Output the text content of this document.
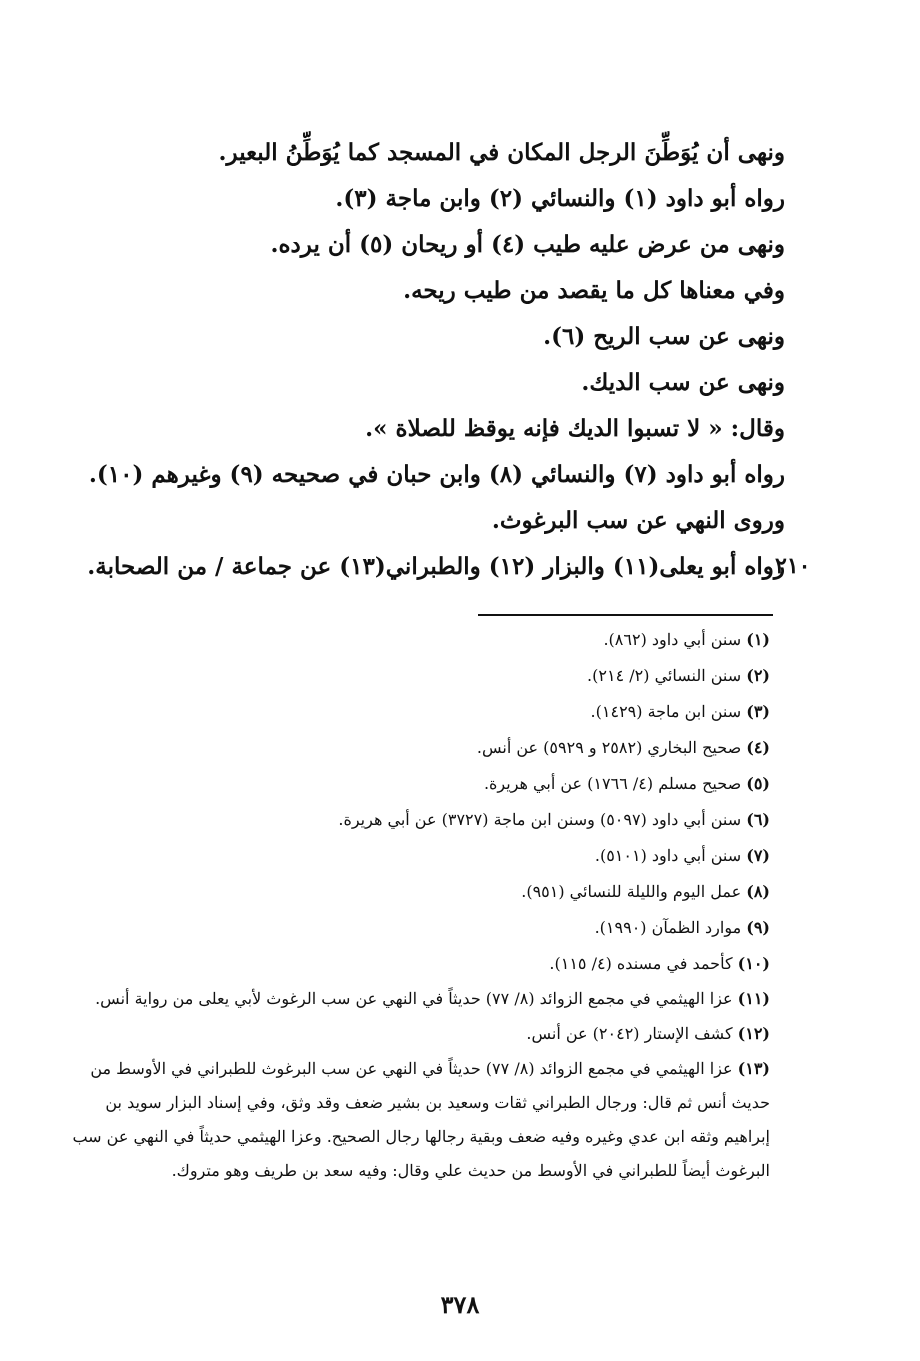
ونهى أن يُوَطِّنَ الرجل المكان في المسجد كما يُوَطِّنُ البعير.
رواه أبو داود (١) والنسائي (٢) وابن ماجة (٣).
ونهى من عرض عليه طيب (٤) أو ريحان (٥) أن يرده.
وفي معناها كل ما يقصد من طيب ريحه.
ونهى عن سب الريح (٦).
ونهى عن سب الديك.
وقال: « لا تسبوا الديك فإنه يوقظ للصلاة ».
رواه أبو داود (٧) والنسائي (٨) وابن حبان في صحيحه (٩) وغيرهم (١٠).
وروى النهي عن سب البرغوث.
رواه أبو يعلى(١١) والبزار (١٢) والطبراني(١٣) عن جماعة / من الصحابة.
٢١٠
(١) سنن أبي داود (٨٦٢).
(٢) سنن النسائي (٢/ ٢١٤).
(٣) سنن ابن ماجة (١٤٢٩).
(٤) صحيح البخاري (٢٥٨٢ و ٥٩٢٩) عن أنس.
(٥) صحيح مسلم (٤/ ١٧٦٦) عن أبي هريرة.
(٦) سنن أبي داود (٥٠٩٧) وسنن ابن ماجة (٣٧٢٧) عن أبي هريرة.
(٧) سنن أبي داود (٥١٠١).
(٨) عمل اليوم والليلة للنسائي (٩٥١).
(٩) موارد الظمآن (١٩٩٠).
(١٠) كأحمد في مسنده (٤/ ١١٥).
(١١) عزا الهيثمي في مجمع الزوائد (٨/ ٧٧) حديثاً في النهي عن سب الرغوث لأبي يعلى من رواية أنس.
(١٢) كشف الإستار (٢٠٤٢) عن أنس.
(١٣) عزا الهيثمي في مجمع الزوائد (٨/ ٧٧) حديثاً في النهي عن سب البرغوث للطبراني في الأوسط من حديث أنس ثم قال: ورجال الطبراني ثقات وسعيد بن بشير ضعف وقد وثق، وفي إسناد البزار سويد بن إبراهيم وثقه ابن عدي وغيره وفيه ضعف وبقية رجالها رجال الصحيح. وعزا الهيثمي حديثاً في النهي عن سب البرغوث أيضاً للطبراني في الأوسط من حديث علي وقال: وفيه سعد بن طريف وهو متروك.
٣٧٨
